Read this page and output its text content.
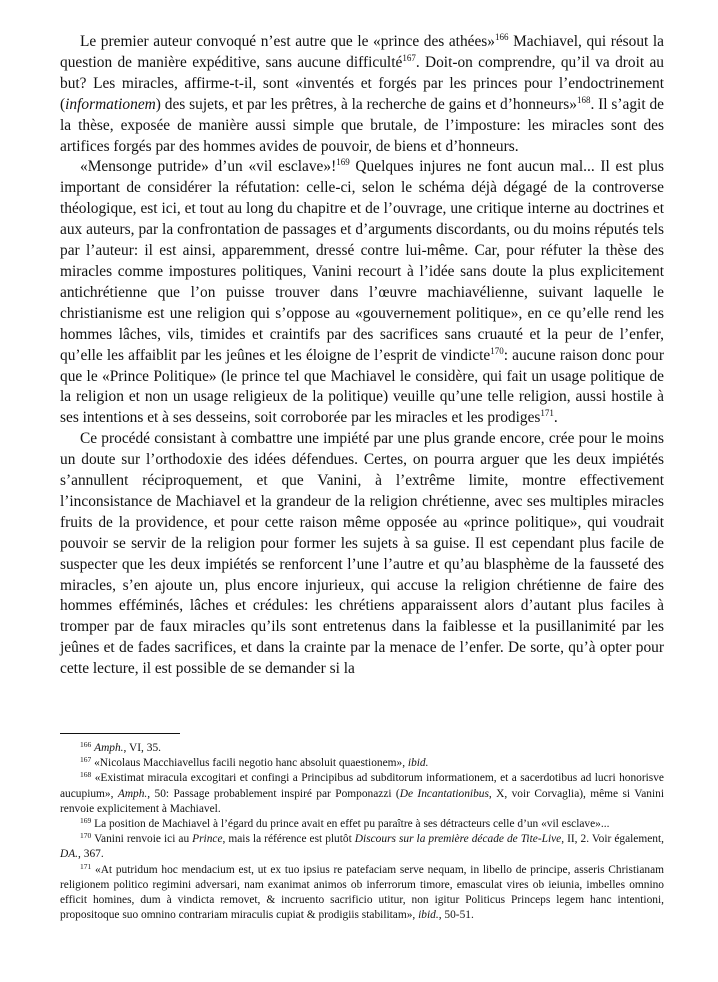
Le premier auteur convoqué n’est autre que le «prince des athées»$^{166}$ Machiavel, qui résout la question de manière expéditive, sans aucune difficulté$^{167}$. Doit-on comprendre, qu’il va droit au but? Les miracles, affirme-t-il, sont «inventés et forgés par les princes pour l’endoctrinement (informationem) des sujets, et par les prêtres, à la recherche de gains et d’honneurs»$^{168}$. Il s’agit de la thèse, exposée de manière aussi simple que brutale, de l’imposture: les miracles sont des artifices forgés par des hommes avides de pouvoir, de biens et d’honneurs.

«Mensonge putride» d’un «vil esclave»!$^{169}$ Quelques injures ne font aucun mal... Il est plus important de considérer la réfutation: celle-ci, selon le schéma déjà dégagé de la controverse théologique, est ici, et tout au long du chapitre et de l’ouvrage, une critique interne au doctrines et aux auteurs, par la confrontation de passages et d’arguments discordants, ou du moins réputés tels par l’auteur: il est ainsi, apparemment, dressé contre lui-même. Car, pour réfuter la thèse des miracles comme impostures politiques, Vanini recourt à l’idée sans doute la plus explicitement antichrétienne que l’on puisse trouver dans l’œuvre machiavélienne, suivant laquelle le christianisme est une religion qui s’oppose au «gouvernement politique», en ce qu’elle rend les hommes lâches, vils, timides et craintifs par des sacrifices sans cruauté et la peur de l’enfer, qu’elle les affaiblit par les jeûnes et les éloigne de l’esprit de vindicte$^{170}$: aucune raison donc pour que le «Prince Politique» (le prince tel que Machiavel le considère, qui fait un usage politique de la religion et non un usage religieux de la politique) veuille qu’une telle religion, aussi hostile à ses intentions et à ses desseins, soit corroborée par les miracles et les prodiges$^{171}$.

Ce procédé consistant à combattre une impiété par une plus grande encore, crée pour le moins un doute sur l’orthodoxie des idées défendues. Certes, on pourra arguer que les deux impiétés s’annullent réciproquement, et que Vanini, à l’extrême limite, montre effectivement l’inconsistance de Machiavel et la grandeur de la religion chrétienne, avec ses multiples miracles fruits de la providence, et pour cette raison même opposée au «prince politique», qui voudrait pouvoir se servir de la religion pour former les sujets à sa guise. Il est cependant plus facile de suspecter que les deux impiétés se renforcent l’une l’autre et qu’au blasphème de la fausseté des miracles, s’en ajoute un, plus encore injurieux, qui accuse la religion chrétienne de faire des hommes efféminés, lâches et crédules: les chrétiens apparaissent alors d’autant plus faciles à tromper par de faux miracles qu’ils sont entretenus dans la faiblesse et la pusillanimité par les jeûnes et de fades sacrifices, et dans la crainte par la menace de l’enfer. De sorte, qu’à opter pour cette lecture, il est possible de se demander si la

$^{166}$ Amph., VI, 35.

$^{167}$ «Nicolaus Macchiavellus facili negotio hanc absoluit quaestionem», ibid.

$^{168}$ «Existimat miracula excogitari et confingi a Principibus ad subditorum informationem, et a sacerdotibus ad lucri honorisve aucupium», Amph., 50: Passage probablement inspiré par Pomponazzi (De Incantationibus, X, voir Corvaglia), même si Vanini renvoie explicitement à Machiavel.

$^{169}$ La position de Machiavel à l’égard du prince avait en effet pu paraître à ses détracteurs celle d’un «vil esclave»...

$^{170}$ Vanini renvoie ici au Prince, mais la référence est plutôt Discours sur la première décade de Tite-Live, II, 2. Voir également, DA., 367.

$^{171}$ «At putridum hoc mendacium est, ut ex tuo ipsius re patefaciam serve nequam, in libello de principe, asseris Christianam religionem politico regimini adversari, nam exanimat animos ob inferrorum timore, emasculat vires ob ieiunia, imbelles omnino efficit homines, dum à vindicta removet, & incruento sacrificio utitur, non igitur Politicus Princeps legem hanc intentioni, propositoque suo omnino contrariam miraculis cupiat & prodigiis stabilitam», ibid., 50-51.
